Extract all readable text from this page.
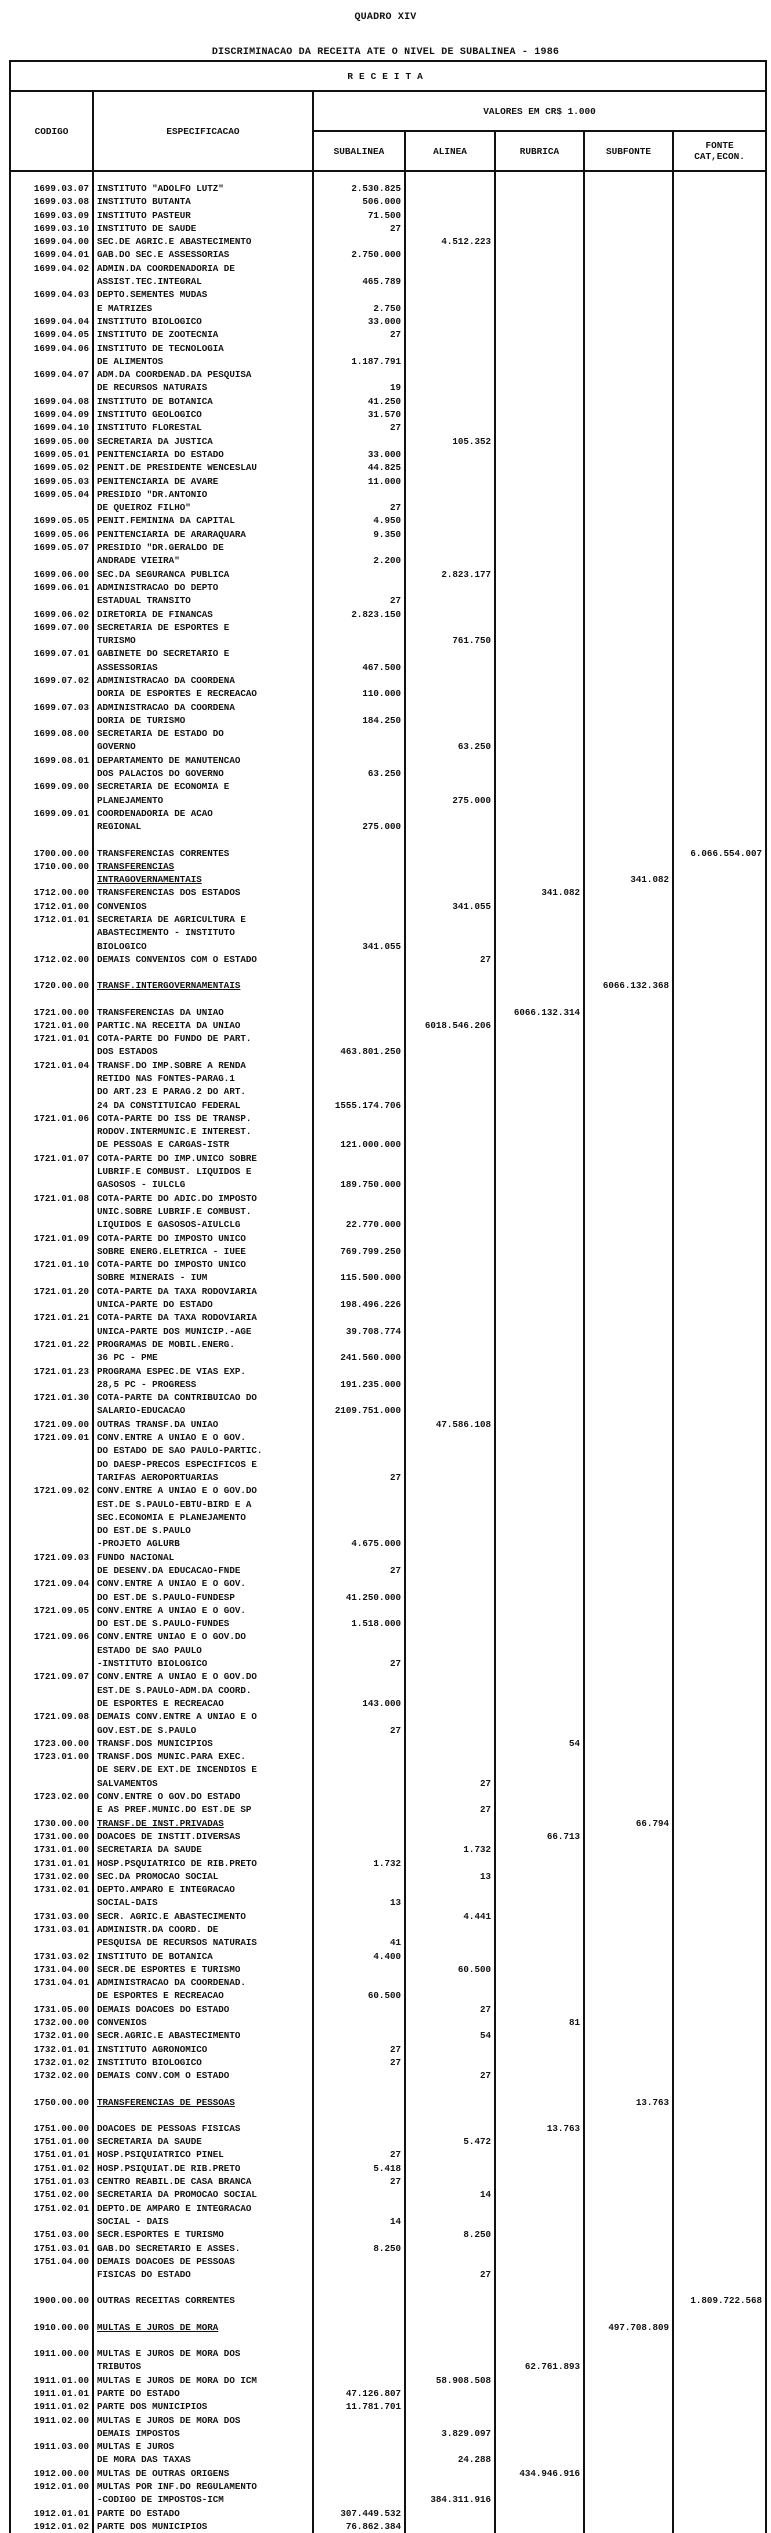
QUADRO XIV
DISCRIMINACAO DA RECEITA ATE O NIVEL DE SUBALINEA - 1986
RECEITA						
CODIGO	ESPECIFICACAO	VALORES EM CR$ 1.000				
		SUBALINEA	ALINEA	RUBRICA	SUBFONTE	FONTE
CAT,ECON.
1699.03.07	INSTITUTO "ADOLFO LUTZ"	2.530.825				
1699.03.08	INSTITUTO BUTANTA	506.000				
1699.03.09	INSTITUTO PASTEUR	71.500				
1699.03.10	INSTITUTO DE SAUDE	27				
1699.04.00	SEC.DE AGRIC.E ABASTECIMENTO		4.512.223			
1699.04.01	GAB.DO SEC.E ASSESSORIAS	2.750.000				
1699.04.02	ADMIN.DA COORDENADORIA DE
ASSIST.TEC.INTEGRAL	465.789				
1699.04.03	DEPTO.SEMENTES MUDAS
E MATRIZES	2.750				
1699.04.04	INSTITUTO BIOLOGICO	33.000				
1699.04.05	INSTITUTO DE ZOOTECNIA	27				
1699.04.06	INSTITUTO DE TECNOLOGIA
DE ALIMENTOS	1.187.791				
1699.04.07	ADM.DA COORDENAD.DA PESQUISA
DE RECURSOS NATURAIS	19				
1699.04.08	INSTITUTO DE BOTANICA	41.250				
1699.04.09	INSTITUTO GEOLOGICO	31.570				
1699.04.10	INSTITUTO FLORESTAL	27				
1699.05.00	SECRETARIA DA JUSTICA		105.352			
1699.05.01	PENITENCIARIA DO ESTADO	33.000				
1699.05.02	PENIT.DE PRESIDENTE WENCESLAU	44.825				
1699.05.03	PENITENCIARIA DE AVARE	11.000				
1699.05.04	PRESIDIO "DR.ANTONIO
DE QUEIROZ FILHO"	27				
1699.05.05	PENIT.FEMININA DA CAPITAL	4.950				
1699.05.06	PENITENCIARIA DE ARARAQUARA	9.350				
1699.05.07	PRESIDIO "DR.GERALDO DE
ANDRADE VIEIRA"	2.200				
1699.06.00	SEC.DA SEGURANCA PUBLICA		2.823.177			
1699.06.01	ADMINISTRACAO DO DEPTO
ESTADUAL TRANSITO	27				
1699.06.02	DIRETORIA DE FINANCAS	2.823.150				
1699.07.00	SECRETARIA DE ESPORTES E
TURISMO		761.750			
1699.07.01	GABINETE DO SECRETARIO E
ASSESSORIAS	467.500				
1699.07.02	ADMINISTRACAO DA COORDENA
DORIA DE ESPORTES E RECREACAO	110.000				
1699.07.03	ADMINISTRACAO DA COORDENA
DORIA DE TURISMO	184.250				
1699.08.00	SECRETARIA DE ESTADO DO
GOVERNO		63.250			
1699.08.01	DEPARTAMENTO DE MANUTENCAO
DOS PALACIOS DO GOVERNO	63.250				
1699.09.00	SECRETARIA DE ECONOMIA E
PLANEJAMENTO		275.000			
1699.09.01	COORDENADORIA DE ACAO
REGIONAL	275.000				
1700.00.00	TRANSFERENCIAS CORRENTES					6.066.554.007
1710.00.00	TRANSFERENCIAS
INTRAGOVERNAMENTAIS				341.082	
1712.00.00	TRANSFERENCIAS DOS ESTADOS			341.082		
1712.01.00	CONVENIOS		341.055			
1712.01.01	SECRETARIA DE AGRICULTURA E
ABASTECIMENTO - INSTITUTO
BIOLOGICO	341.055				
1712.02.00	DEMAIS CONVENIOS COM O ESTADO		27			
1720.00.00	TRANSF.INTERGOVERNAMENTAIS				6066.132.368	
1721.00.00	TRANSFERENCIAS DA UNIAO			6066.132.314		
1721.01.00	PARTIC.NA RECEITA DA UNIAO		6018.546.206			
1721.01.01	COTA-PARTE DO FUNDO DE PART.
DOS ESTADOS	463.801.250				
1721.01.04	TRANSF.DO IMP.SOBRE A RENDA
RETIDO NAS FONTES-PARAG.1
DO ART.23 E PARAG.2 DO ART.
24 DA CONSTITUICAO FEDERAL	1555.174.706				
1721.01.06	COTA-PARTE DO ISS DE TRANSP.
RODOV.INTERMUNIC.E INTEREST.
DE PESSOAS E CARGAS-ISTR	121.000.000				
1721.01.07	COTA-PARTE DO IMP.UNICO SOBRE
LUBRIF.E COMBUST. LIQUIDOS E
GASOSOS - IULCLG	189.750.000				
1721.01.08	COTA-PARTE DO ADIC.DO IMPOSTO
UNIC.SOBRE LUBRIF.E COMBUST.
LIQUIDOS E GASOSOS-AIULCLG	22.770.000				
1721.01.09	COTA-PARTE DO IMPOSTO UNICO
SOBRE ENERG.ELETRICA - IUEE	769.799.250				
1721.01.10	COTA-PARTE DO IMPOSTO UNICO
SOBRE MINERAIS - IUM	115.500.000				
1721.01.20	COTA-PARTE DA TAXA RODOVIARIA
UNICA-PARTE DO ESTADO	198.496.226				
1721.01.21	COTA-PARTE DA TAXA RODOVIARIA
UNICA-PARTE DOS MUNICIP.-AGE	39.708.774				
1721.01.22	PROGRAMAS DE MOBIL.ENERG.
36 PC - PME	241.560.000				
1721.01.23	PROGRAMA ESPEC.DE VIAS EXP.
28,5 PC - PROGRESS	191.235.000				
1721.01.30	COTA-PARTE DA CONTRIBUICAO DO
SALARIO-EDUCACAO	2109.751.000				
1721.09.00	OUTRAS TRANSF.DA UNIAO		47.586.108			
1721.09.01	CONV.ENTRE A UNIAO E O GOV.
DO ESTADO DE SAO PAULO-PARTIC.
DO DAESP-PRECOS ESPECIFICOS E
TARIFAS AEROPORTUARIAS	27				
1721.09.02	CONV.ENTRE A UNIAO E O GOV.DO
EST.DE S.PAULO-EBTU-BIRD E A
SEC.ECONOMIA E PLANEJAMENTO
DO EST.DE S.PAULO
-PROJETO AGLURB	4.675.000				
1721.09.03	FUNDO NACIONAL
DE DESENV.DA EDUCACAO-FNDE	27				
1721.09.04	CONV.ENTRE A UNIAO E O GOV.
DO EST.DE S.PAULO-FUNDESP	41.250.000				
1721.09.05	CONV.ENTRE A UNIAO E O GOV.
DO EST.DE S.PAULO-FUNDES	1.518.000				
1721.09.06	CONV.ENTRE UNIAO E O GOV.DO
ESTADO DE SAO PAULO
-INSTITUTO BIOLOGICO	27				
1721.09.07	CONV.ENTRE A UNIAO E O GOV.DO
EST.DE S.PAULO-ADM.DA COORD.
DE ESPORTES E RECREACAO	143.000				
1721.09.08	DEMAIS CONV.ENTRE A UNIAO E O
GOV.EST.DE S.PAULO	27				
1723.00.00	TRANSF.DOS MUNICIPIOS			54		
1723.01.00	TRANSF.DOS MUNIC.PARA EXEC.
DE SERV.DE EXT.DE INCENDIOS E
SALVAMENTOS		27			
1723.02.00	CONV.ENTRE O GOV.DO ESTADO
E AS PREF.MUNIC.DO EST.DE SP		27			
1730.00.00	TRANSF.DE INST.PRIVADAS				66.794	
1731.00.00	DOACOES DE INSTIT.DIVERSAS			66.713		
1731.01.00	SECRETARIA DA SAUDE		1.732			
1731.01.01	HOSP.PSQUIATRICO DE RIB.PRETO	1.732				
1731.02.00	SEC.DA PROMOCAO SOCIAL		13			
1731.02.01	DEPTO.AMPARO E INTEGRACAO
SOCIAL-DAIS	13				
1731.03.00	SECR. AGRIC.E ABASTECIMENTO		4.441			
1731.03.01	ADMINISTR.DA COORD. DE
PESQUISA DE RECURSOS NATURAIS	41				
1731.03.02	INSTITUTO DE BOTANICA	4.400				
1731.04.00	SECR.DE ESPORTES E TURISMO		60.500			
1731.04.01	ADMINISTRACAO DA COORDENAD.
DE ESPORTES E RECREACAO	60.500				
1731.05.00	DEMAIS DOACOES DO ESTADO		27			
1732.00.00	CONVENIOS			81		
1732.01.00	SECR.AGRIC.E ABASTECIMENTO		54			
1732.01.01	INSTITUTO AGRONOMICO	27				
1732.01.02	INSTITUTO BIOLOGICO	27				
1732.02.00	DEMAIS CONV.COM O ESTADO		27			
1750.00.00	TRANSFERENCIAS DE PESSOAS				13.763	
1751.00.00	DOACOES DE PESSOAS FISICAS			13.763		
1751.01.00	SECRETARIA DA SAUDE		5.472			
1751.01.01	HOSP.PSIQUIATRICO PINEL	27				
1751.01.02	HOSP.PSIQUIAT.DE RIB.PRETO	5.418				
1751.01.03	CENTRO REABIL.DE CASA BRANCA	27				
1751.02.00	SECRETARIA DA PROMOCAO SOCIAL		14			
1751.02.01	DEPTO.DE AMPARO E INTEGRACAO
SOCIAL - DAIS	14				
1751.03.00	SECR.ESPORTES E TURISMO		8.250			
1751.03.01	GAB.DO SECRETARIO E ASSES.	8.250				
1751.04.00	DEMAIS DOACOES DE PESSOAS
FISICAS DO ESTADO		27			
1900.00.00	OUTRAS RECEITAS CORRENTES					1.809.722.568
1910.00.00	MULTAS E JUROS DE MORA				497.708.809	
1911.00.00	MULTAS E JUROS DE MORA DOS
TRIBUTOS			62.761.893		
1911.01.00	MULTAS E JUROS DE MORA DO ICM		58.908.508			
1911.01.01	PARTE DO ESTADO	47.126.807				
1911.01.02	PARTE DOS MUNICIPIOS	11.781.701				
1911.02.00	MULTAS E JUROS DE MORA DOS
DEMAIS IMPOSTOS		3.829.097			
1911.03.00	MULTAS E JUROS
DE MORA DAS TAXAS		24.288			
1912.00.00	MULTAS DE OUTRAS ORIGENS			434.946.916		
1912.01.00	MULTAS POR INF.DO REGULAMENTO
-CODIGO DE IMPOSTOS-ICM		384.311.916			
1912.01.01	PARTE DO ESTADO	307.449.532				
1912.01.02	PARTE DOS MUNICIPIOS	76.862.384				
